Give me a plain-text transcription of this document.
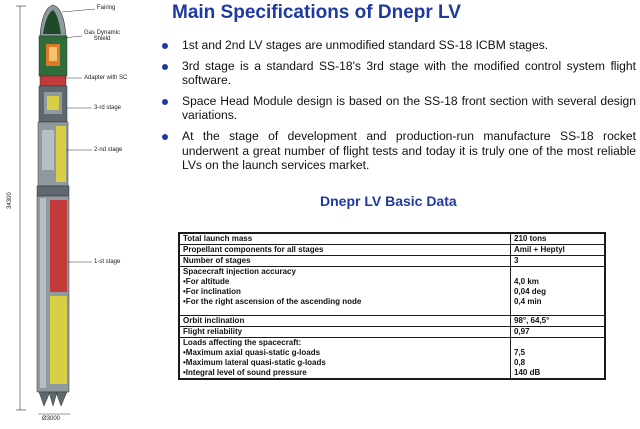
Fairing
Gas Dynamic
Shield
Adapter with SC
3-rd stage
2-nd stage
1-st stage
34300
Ø3000
Main Specifications of Dnepr LV
1st and 2nd LV stages are unmodified standard SS-18 ICBM stages.
3rd stage is a standard SS-18's 3rd stage with the modified control system flight software.
Space Head Module design is based on the SS-18 front section with several design variations.
At the stage of development and production-run manufacture SS-18 rocket underwent a great number of flight tests and today it is truly one of the most reliable LVs on the launch services market.
Dnepr LV Basic Data
Total launch mass	210 tons
Propellant components for all stages	Amil + Heptyl
Number of stages	3
Spacecraft injection accuracy	
•For altitude	4,0 km
•For inclination	0,04 deg
•For the right ascension of the ascending node	0,4 min

Orbit inclination	98°, 64,5°
Flight reliability	0,97
Loads affecting the spacecraft:	
•Maximum axial quasi-static g-loads	7,5
•Maximum lateral quasi-static g-loads	0,8
•Integral level of sound pressure	140 dB
